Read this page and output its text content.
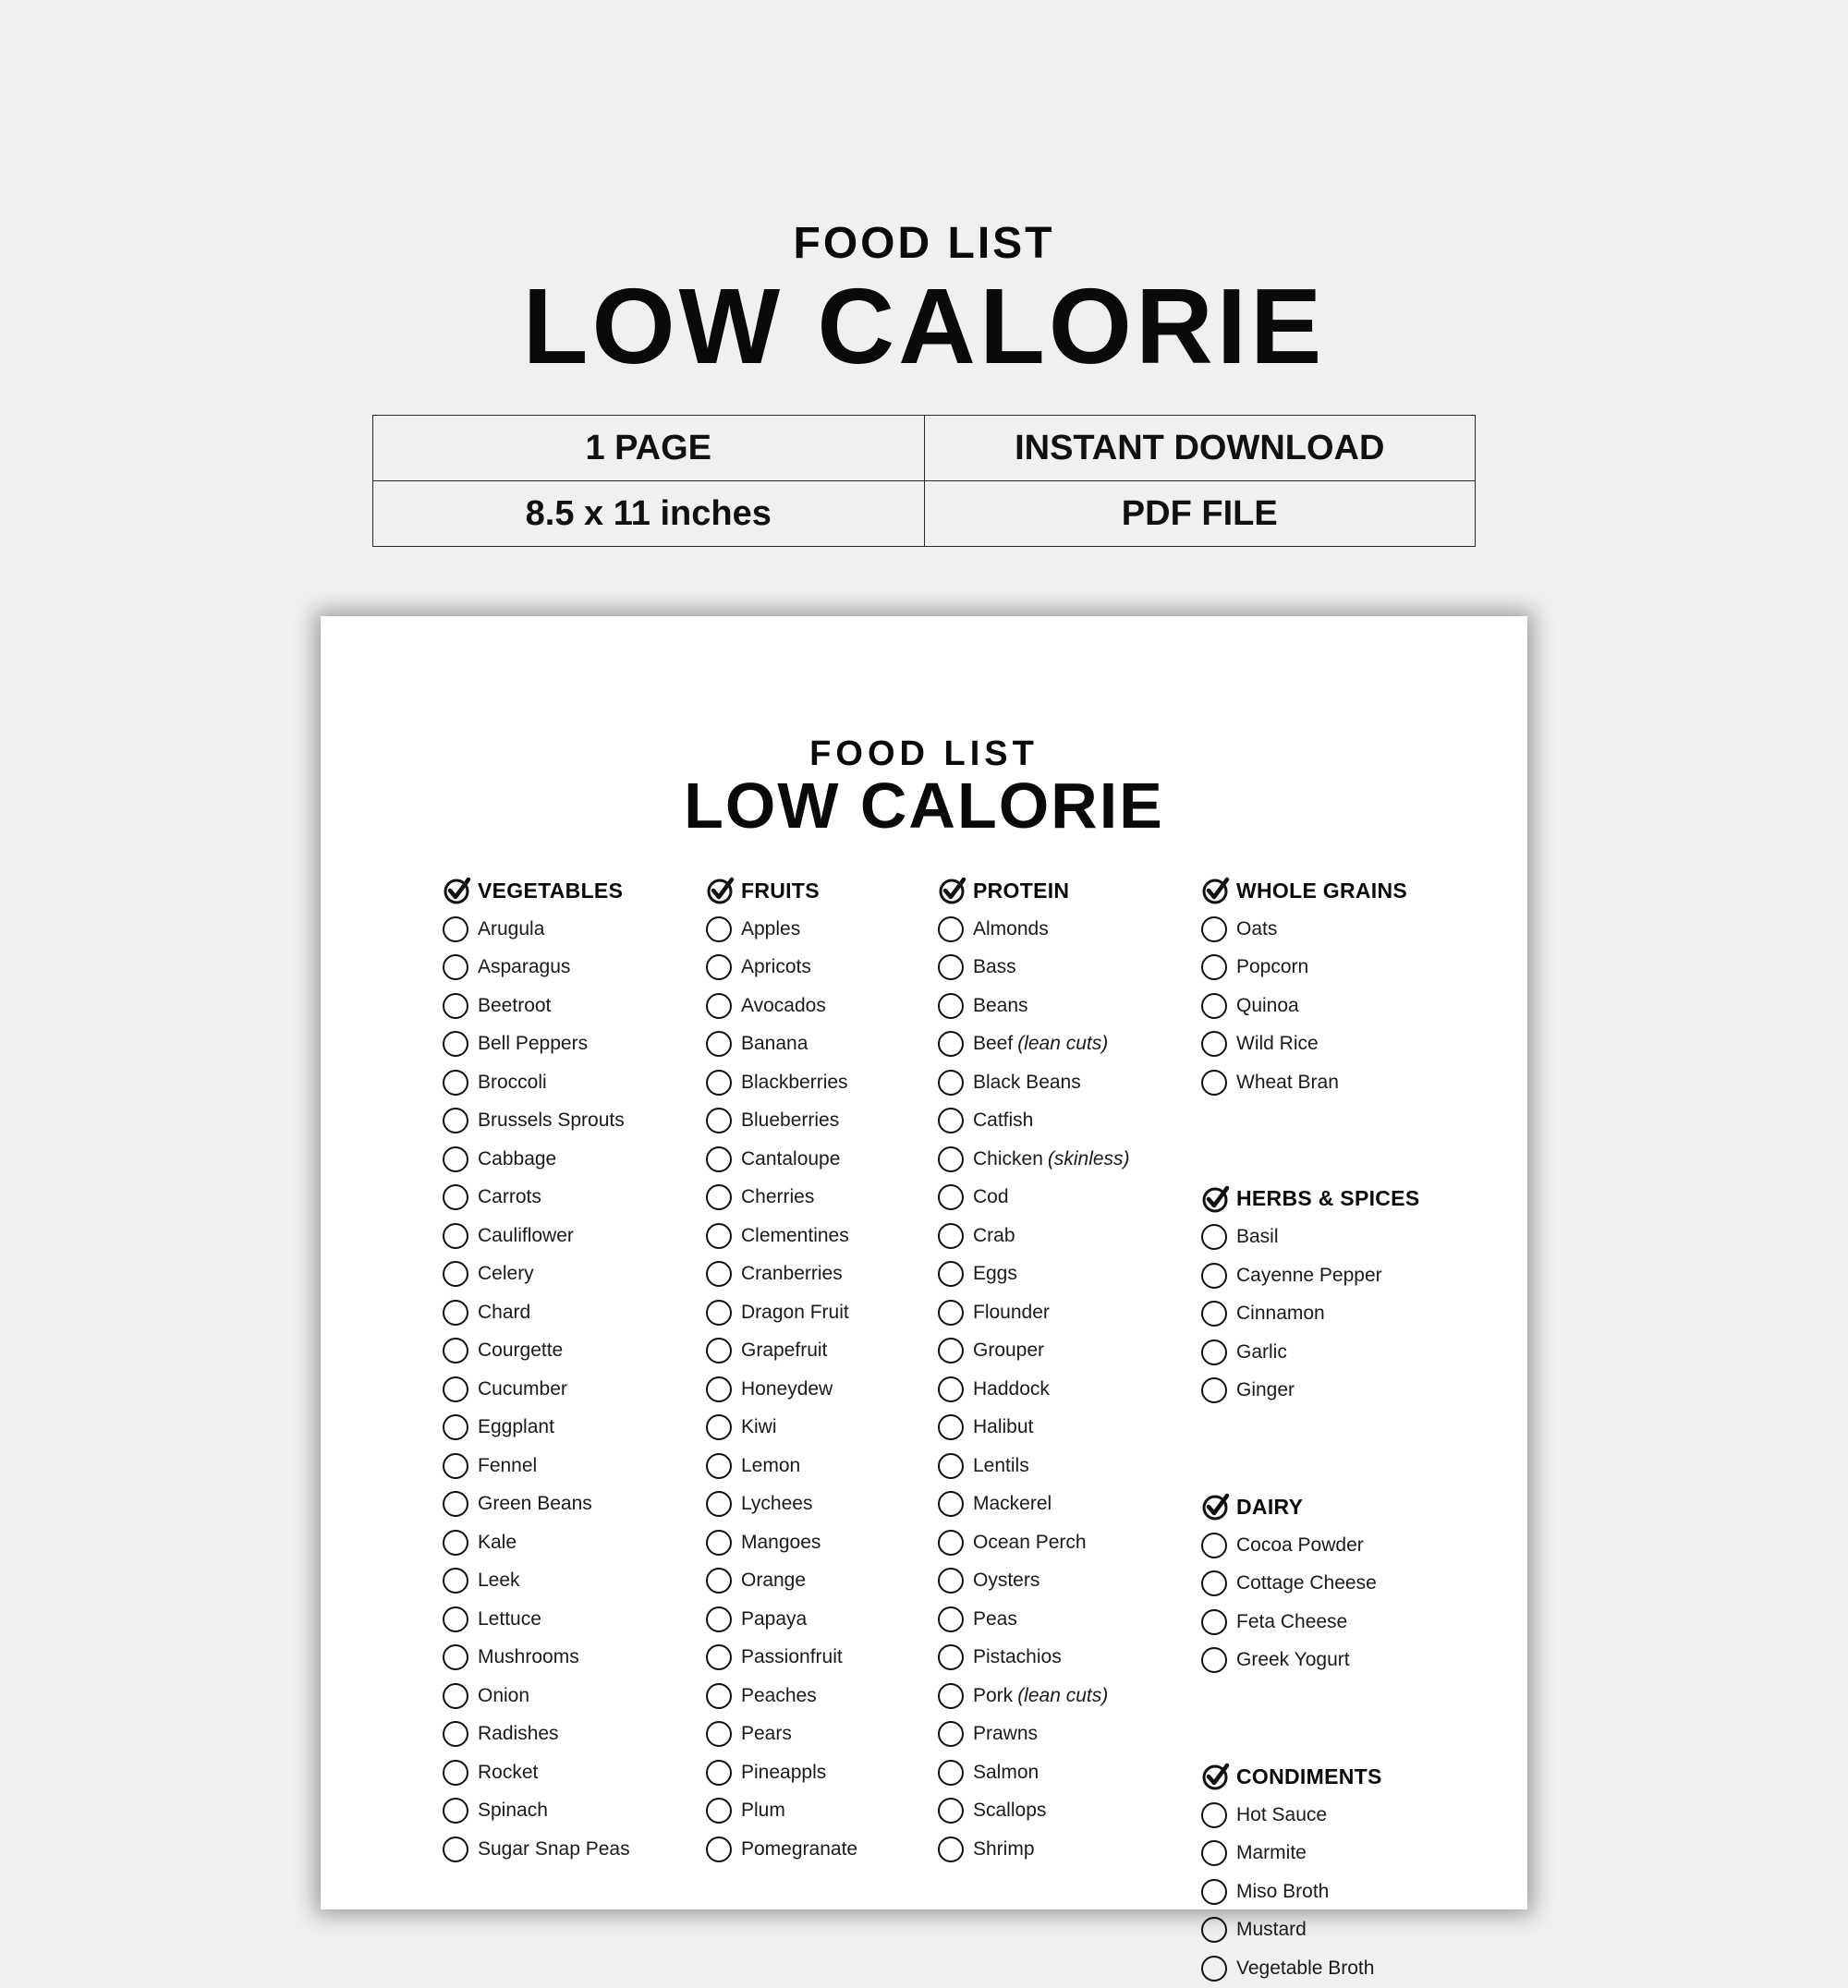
FOOD LIST
LOW CALORIE
1 PAGE	INSTANT DOWNLOAD
8.5 x 11 inches	PDF FILE
FOOD LIST
LOW CALORIE
VEGETABLES
Arugula
Asparagus
Beetroot
Bell Peppers
Broccoli
Brussels Sprouts
Cabbage
Carrots
Cauliflower
Celery
Chard
Courgette
Cucumber
Eggplant
Fennel
Green Beans
Kale
Leek
Lettuce
Mushrooms
Onion
Radishes
Rocket
Spinach
Sugar Snap Peas
FRUITS
Apples
Apricots
Avocados
Banana
Blackberries
Blueberries
Cantaloupe
Cherries
Clementines
Cranberries
Dragon Fruit
Grapefruit
Honeydew
Kiwi
Lemon
Lychees
Mangoes
Orange
Papaya
Passionfruit
Peaches
Pears
Pineappls
Plum
Pomegranate
PROTEIN
Almonds
Bass
Beans
Beef (lean cuts)
Black Beans
Catfish
Chicken (skinless)
Cod
Crab
Eggs
Flounder
Grouper
Haddock
Halibut
Lentils
Mackerel
Ocean Perch
Oysters
Peas
Pistachios
Pork (lean cuts)
Prawns
Salmon
Scallops
Shrimp
WHOLE GRAINS
Oats
Popcorn
Quinoa
Wild Rice
Wheat Bran
HERBS & SPICES
Basil
Cayenne Pepper
Cinnamon
Garlic
Ginger
DAIRY
Cocoa Powder
Cottage Cheese
Feta Cheese
Greek Yogurt
CONDIMENTS
Hot Sauce
Marmite
Miso Broth
Mustard
Vegetable Broth
